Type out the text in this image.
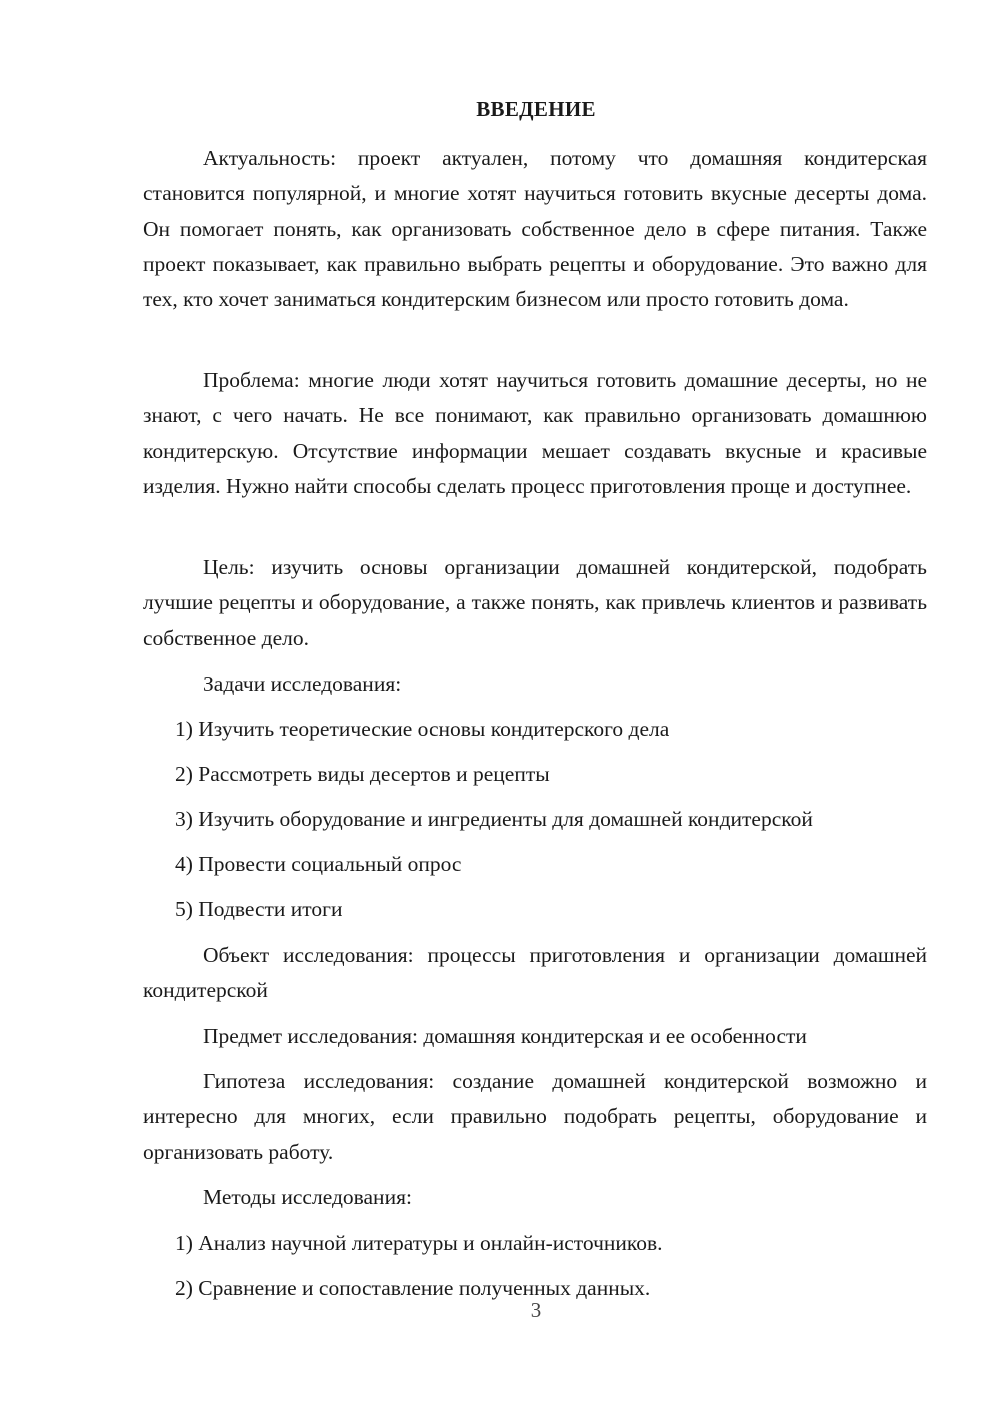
ВВЕДЕНИЕ

Актуальность: проект актуален, потому что домашняя кондитерская становится популярной, и многие хотят научиться готовить вкусные десерты дома. Он помогает понять, как организовать собственное дело в сфере питания. Также проект показывает, как правильно выбрать рецепты и оборудование. Это важно для тех, кто хочет заниматься кондитерским бизнесом или просто готовить дома.

Проблема: многие люди хотят научиться готовить домашние десерты, но не знают, с чего начать. Не все понимают, как правильно организовать домашнюю кондитерскую. Отсутствие информации мешает создавать вкусные и красивые изделия. Нужно найти способы сделать процесс приготовления проще и доступнее.

Цель: изучить основы организации домашней кондитерской, подобрать лучшие рецепты и оборудование, а также понять, как привлечь клиентов и развивать собственное дело.

Задачи исследования:

1) Изучить теоретические основы кондитерского дела

2) Рассмотреть виды десертов и рецепты

3) Изучить оборудование и ингредиенты для домашней кондитерской

4) Провести социальный опрос

5) Подвести итоги

Объект исследования: процессы приготовления и организации домашней кондитерской

Предмет исследования: домашняя кондитерская и ее особенности

Гипотеза исследования: создание домашней кондитерской возможно и интересно для многих, если правильно подобрать рецепты, оборудование и организовать работу.

Методы исследования:

1) Анализ научной литературы и онлайн-источников.

2) Сравнение и сопоставление полученных данных.

3
